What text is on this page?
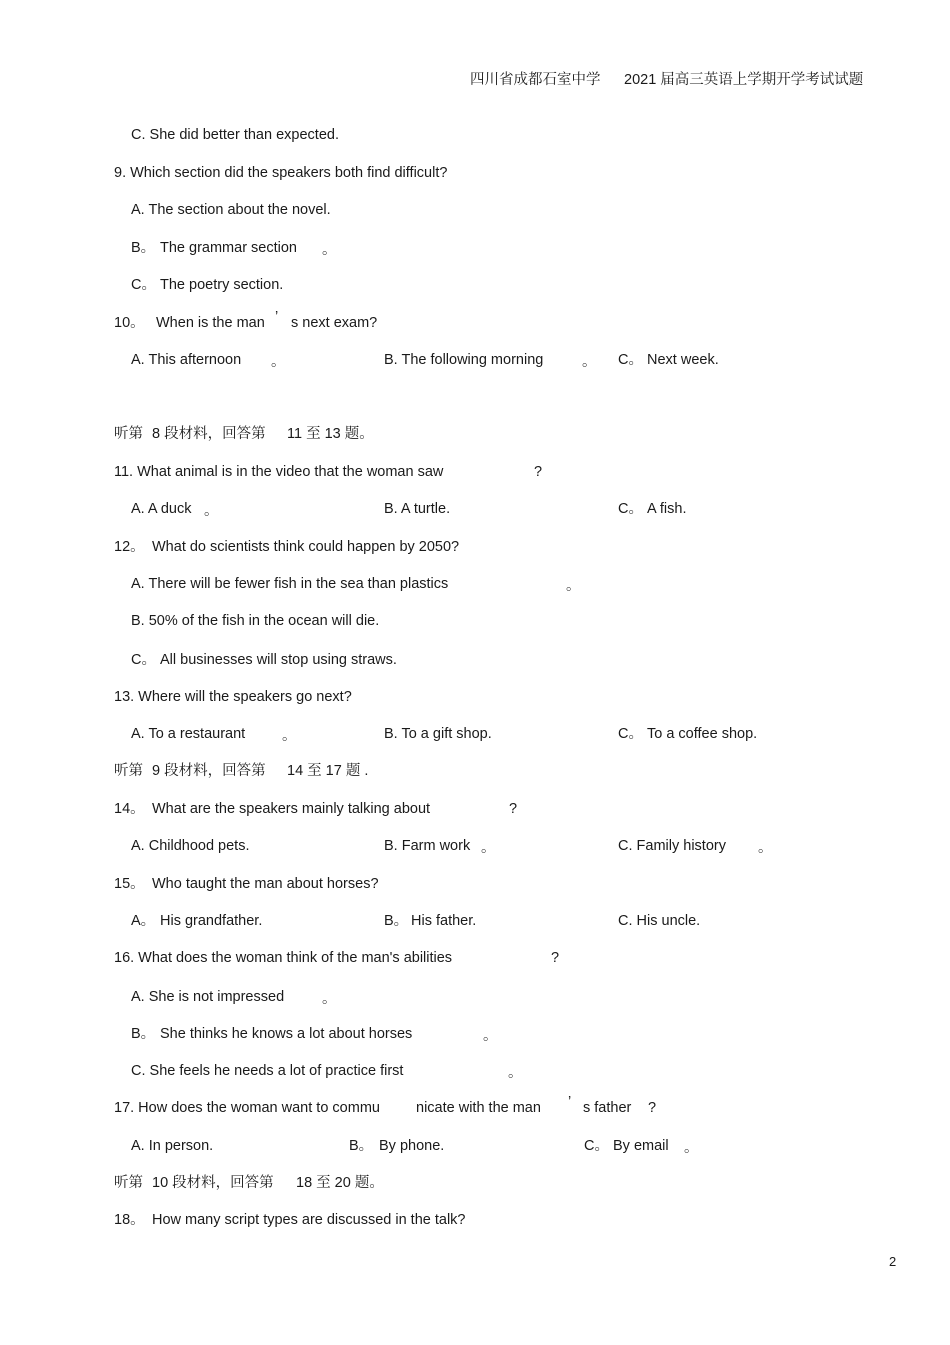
四川省成都石室中学 2021 届高三英语上学期开学考试试题
C. She did better than expected.
9. Which section did the speakers both find difficult?
A. The section about the novel.
B。 The grammar section 。
C。 The poetry section.
10。 When is the man ’ s next exam?
A. This afternoon 。	B. The following morning	。 C。 Next week.
听第 8 段材料，回答第 11 至 13 题。
11. What animal is in the video that the woman saw	?
A. A duck 。	B. A turtle.	C。 A fish.
12。 What do scientists think could happen by 2050?
A. There will be fewer fish in the sea than plastics	。
B. 50% of the fish in the ocean will die.
C。 All businesses will stop using straws.
13. Where will the speakers go next?
A. To a restaurant	。	B. To a gift shop.	C。 To a coffee shop.
听第 9 段材料，回答第 14 至 17 题 .
14。 What are the speakers mainly talking about	?
A. Childhood pets.	B. Farm work 。	C. Family history 。
15。 Who taught the man about horses?
A。 His grandfather.	B。 His father.	C. His uncle.
16. What does the woman think of the man's abilities	?
A. She is not impressed	。
B。 She thinks he knows a lot about horses	。
C. She feels he needs a lot of practice first	。
17. How does the woman want to commu nicate with the man ’ s father ?
A. In person.	B。 By phone.	C。 By email 。
听第 10 段材料，回答第 18 至 20 题。
18。 How many script types are discussed in the talk?
2
